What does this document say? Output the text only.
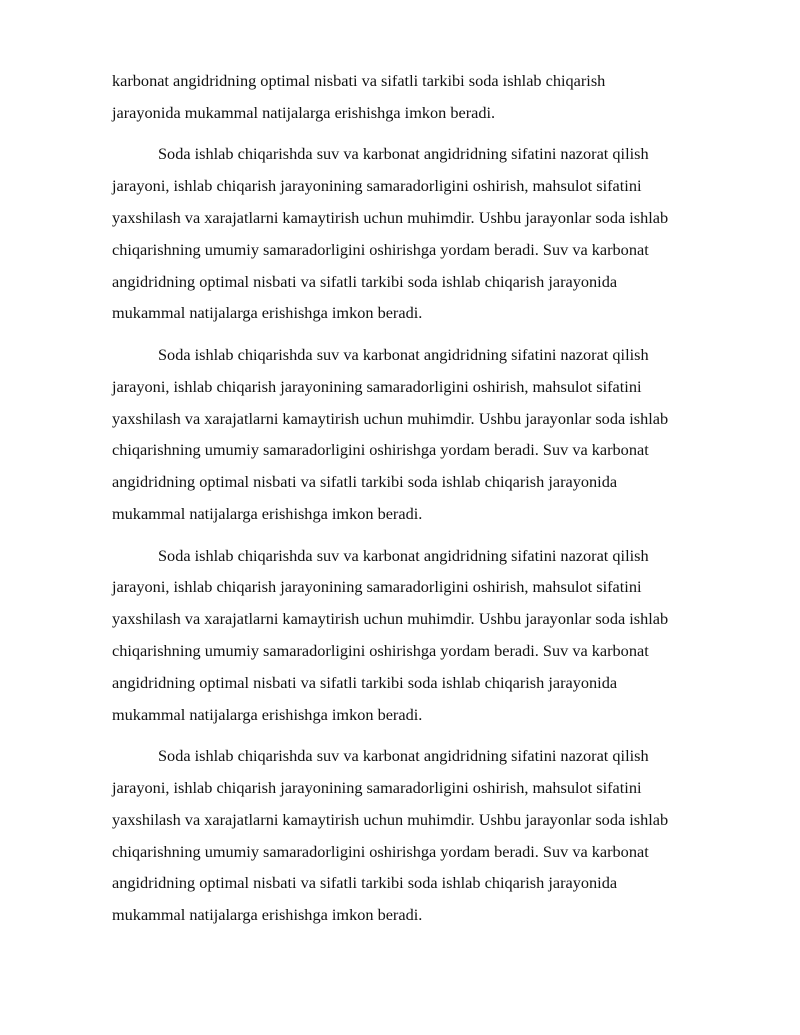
karbonat angidridning optimal nisbati va sifatli tarkibi soda ishlab chiqarish
jarayonida mukammal natijalarga erishishga imkon beradi.

Soda ishlab chiqarishda suv va karbonat angidridning sifatini nazorat qilish
jarayoni, ishlab chiqarish jarayonining samaradorligini oshirish, mahsulot sifatini
yaxshilash va xarajatlarni kamaytirish uchun muhimdir. Ushbu jarayonlar soda ishlab
chiqarishning umumiy samaradorligini oshirishga yordam beradi. Suv va karbonat
angidridning optimal nisbati va sifatli tarkibi soda ishlab chiqarish jarayonida
mukammal natijalarga erishishga imkon beradi.

Soda ishlab chiqarishda suv va karbonat angidridning sifatini nazorat qilish
jarayoni, ishlab chiqarish jarayonining samaradorligini oshirish, mahsulot sifatini
yaxshilash va xarajatlarni kamaytirish uchun muhimdir. Ushbu jarayonlar soda ishlab
chiqarishning umumiy samaradorligini oshirishga yordam beradi. Suv va karbonat
angidridning optimal nisbati va sifatli tarkibi soda ishlab chiqarish jarayonida
mukammal natijalarga erishishga imkon beradi.

Soda ishlab chiqarishda suv va karbonat angidridning sifatini nazorat qilish
jarayoni, ishlab chiqarish jarayonining samaradorligini oshirish, mahsulot sifatini
yaxshilash va xarajatlarni kamaytirish uchun muhimdir. Ushbu jarayonlar soda ishlab
chiqarishning umumiy samaradorligini oshirishga yordam beradi. Suv va karbonat
angidridning optimal nisbati va sifatli tarkibi soda ishlab chiqarish jarayonida
mukammal natijalarga erishishga imkon beradi.

Soda ishlab chiqarishda suv va karbonat angidridning sifatini nazorat qilish
jarayoni, ishlab chiqarish jarayonining samaradorligini oshirish, mahsulot sifatini
yaxshilash va xarajatlarni kamaytirish uchun muhimdir. Ushbu jarayonlar soda ishlab
chiqarishning umumiy samaradorligini oshirishga yordam beradi. Suv va karbonat
angidridning optimal nisbati va sifatli tarkibi soda ishlab chiqarish jarayonida
mukammal natijalarga erishishga imkon beradi.
